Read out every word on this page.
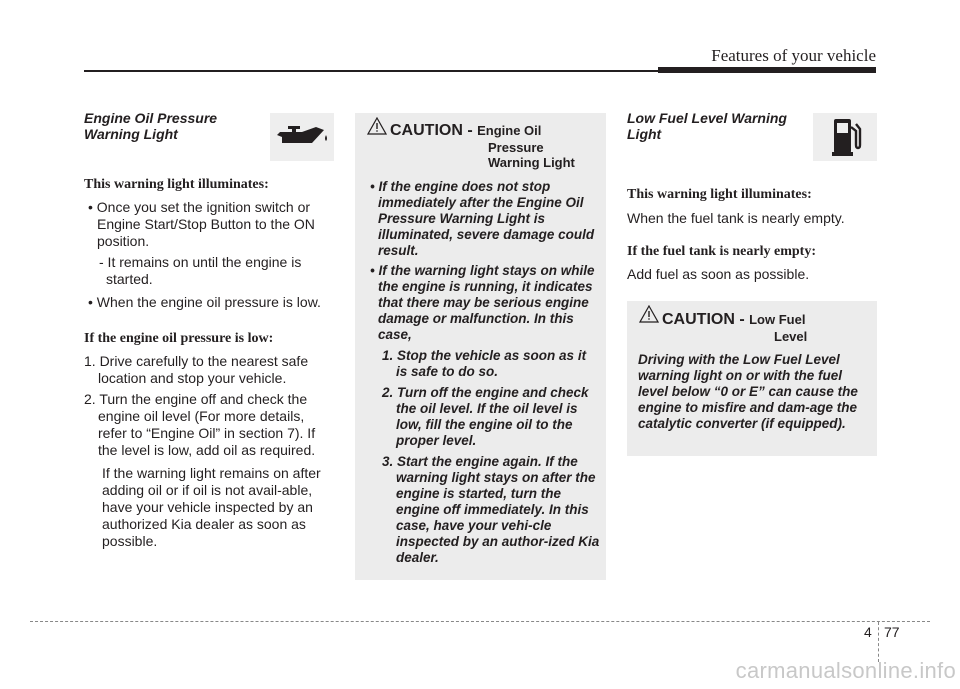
Features of your vehicle

Engine Oil Pressure Warning Light

This warning light illuminates:

• Once you set the ignition switch or Engine Start/Stop Button to the ON position.

- It remains on until the engine is started.

• When the engine oil pressure is low.

If the engine oil pressure is low:

1. Drive carefully to the nearest safe location and stop your vehicle.

2. Turn the engine off and check the engine oil level (For more details, refer to “Engine Oil” in section 7). If the level is low, add oil as required.

If the warning light remains on after adding oil or if oil is not avail-able, have your vehicle inspected by an authorized Kia dealer as soon as possible.

CAUTION - Engine Oil
Pressure
Warning Light

• If the engine does not stop immediately after the Engine Oil Pressure Warning Light is illuminated, severe damage could result.

• If the warning light stays on while the engine is running, it indicates that there may be serious engine damage or malfunction. In this case,

1. Stop the vehicle as soon as it is safe to do so.

2. Turn off the engine and check the oil level. If the oil level is low, fill the engine oil to the proper level.

3. Start the engine again. If the warning light stays on after the engine is started, turn the engine off immediately. In this case, have your vehi-cle inspected by an author-ized Kia dealer.

Low Fuel Level Warning Light

This warning light illuminates:

When the fuel tank is nearly empty.

If the fuel tank is nearly empty:

Add fuel as soon as possible.

CAUTION - Low Fuel
Level

Driving with the Low Fuel Level warning light on or with the fuel level below “0 or E” can cause the engine to misfire and dam-age the catalytic converter (if equipped).

4 77
carmanualsonline.info
